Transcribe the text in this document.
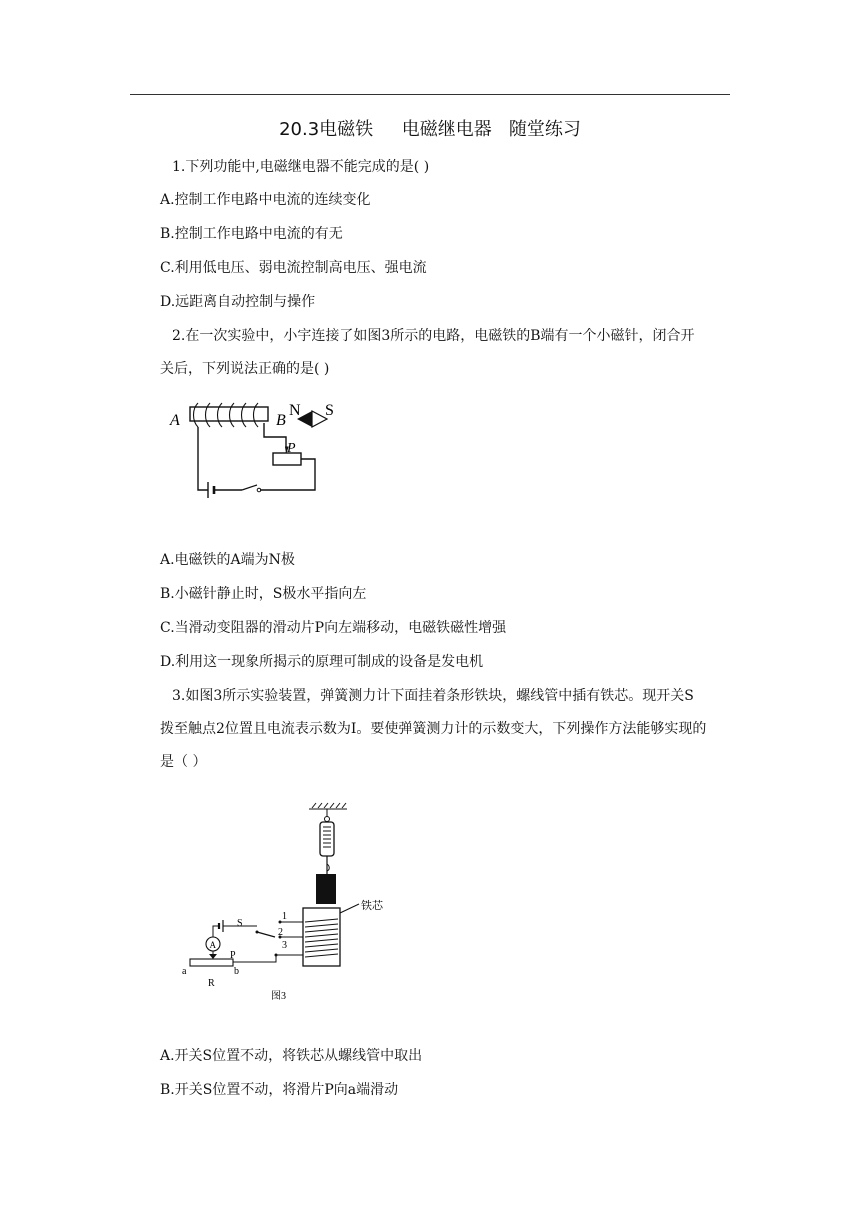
20.3电磁铁     电磁继电器   随堂练习
1.下列功能中,电磁继电器不能完成的是( )
A.控制工作电路中电流的连续变化
B.控制工作电路中电流的有无
C.利用低电压、弱电流控制高电压、强电流
D.远距离自动控制与操作
2.在一次实验中，小宇连接了如图3所示的电路，电磁铁的B端有一个小磁针，闭合开
关后，下列说法正确的是( )
A	B
N S
P
A.电磁铁的A端为N极
B.小磁针静止时，S极水平指向左
C.当滑动变阻器的滑动片P向左端移动，电磁铁磁性增强
D.利用这一现象所揭示的原理可制成的设备是发电机
3.如图3所示实验装置，弹簧测力计下面挂着条形铁块，螺线管中插有铁芯。现开关S
拨至触点2位置且电流表示数为I。要使弹簧测力计的示数变大，下列操作方法能够实现的
是（ ）
铁芯
1
2
3
S
A
P
a	b
R
图3
A.开关S位置不动，将铁芯从螺线管中取出
B.开关S位置不动，将滑片P向a端滑动
